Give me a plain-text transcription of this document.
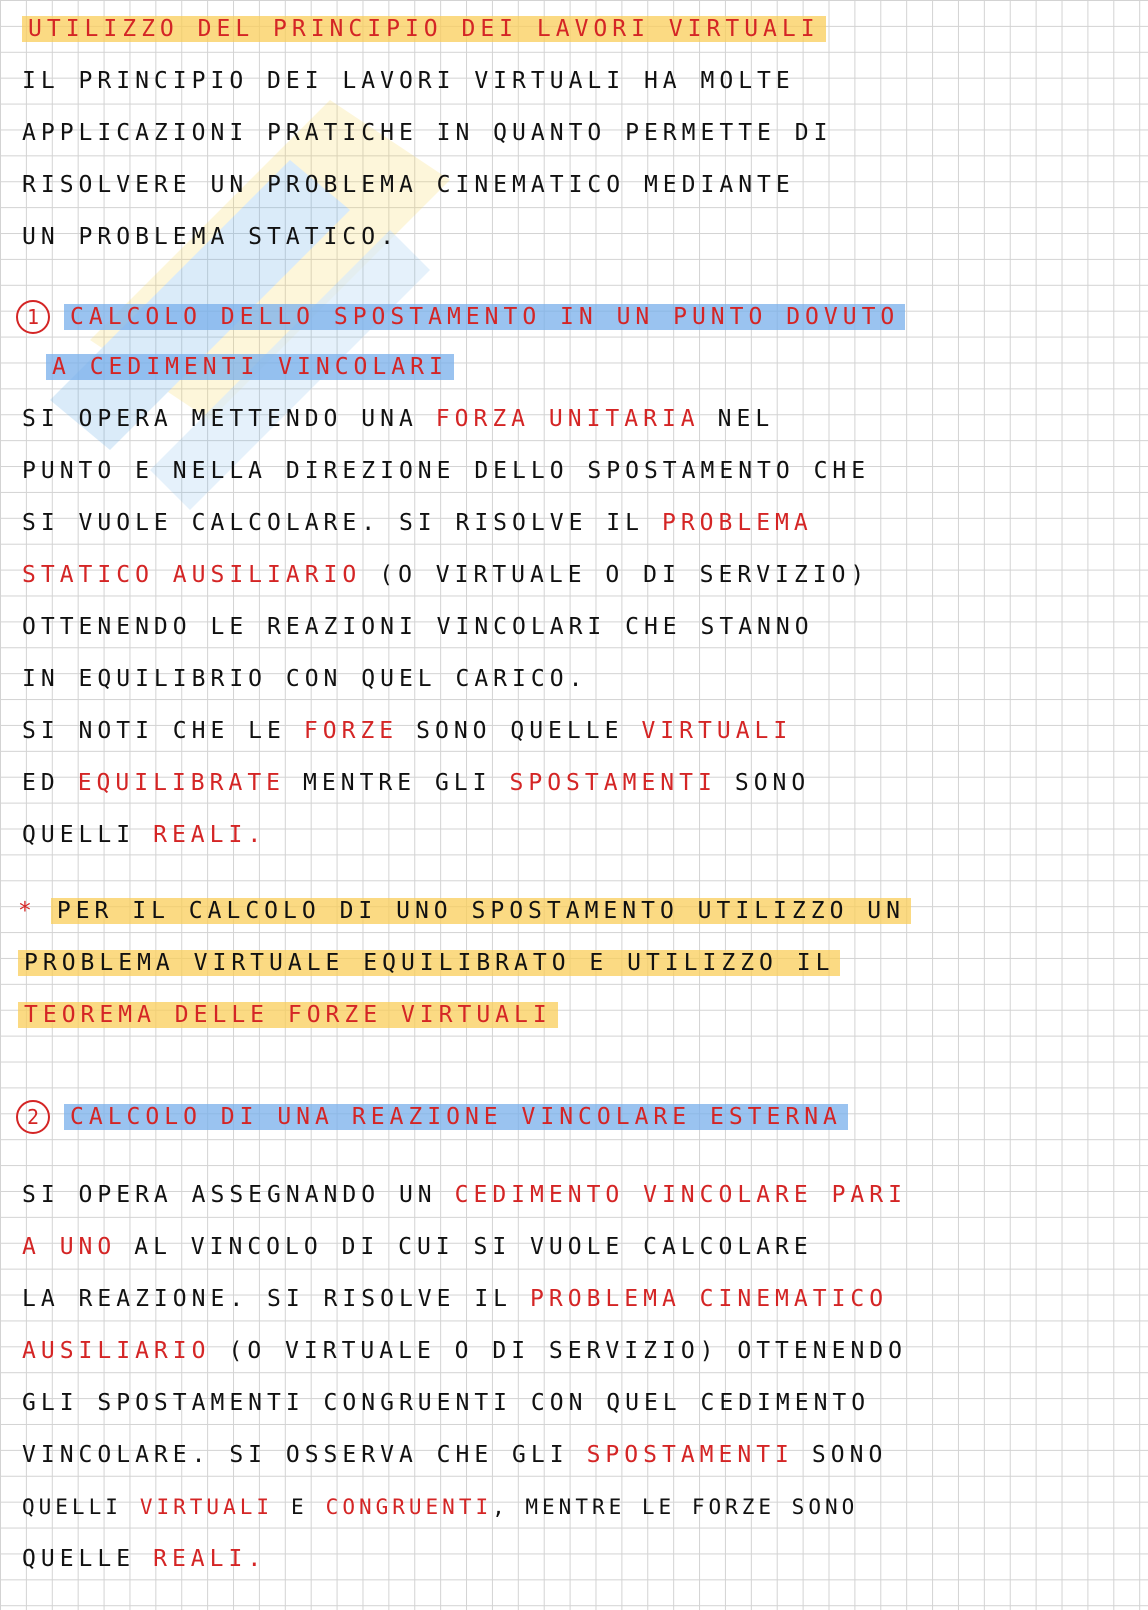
UTILIZZO DEL PRINCIPIO DEI LAVORI VIRTUALI
IL PRINCIPIO DEI LAVORI VIRTUALI HA MOLTE
APPLICAZIONI PRATICHE IN QUANTO PERMETTE DI
RISOLVERE UN PROBLEMA CINEMATICO MEDIANTE
UN PROBLEMA STATICO.
1 CALCOLO DELLO SPOSTAMENTO IN UN PUNTO DOVUTO
A CEDIMENTI VINCOLARI
SI OPERA METTENDO UNA FORZA UNITARIA NEL
PUNTO E NELLA DIREZIONE DELLO SPOSTAMENTO CHE
SI VUOLE CALCOLARE. SI RISOLVE IL PROBLEMA
STATICO AUSILIARIO (O VIRTUALE O DI SERVIZIO)
OTTENENDO LE REAZIONI VINCOLARI CHE STANNO
IN EQUILIBRIO CON QUEL CARICO.
SI NOTI CHE LE FORZE SONO QUELLE VIRTUALI
ED EQUILIBRATE MENTRE GLI SPOSTAMENTI SONO
QUELLI REALI.
* PER IL CALCOLO DI UNO SPOSTAMENTO UTILIZZO UN
PROBLEMA VIRTUALE EQUILIBRATO E UTILIZZO IL
TEOREMA DELLE FORZE VIRTUALI
2 CALCOLO DI UNA REAZIONE VINCOLARE ESTERNA
SI OPERA ASSEGNANDO UN CEDIMENTO VINCOLARE PARI
A UNO AL VINCOLO DI CUI SI VUOLE CALCOLARE
LA REAZIONE. SI RISOLVE IL PROBLEMA CINEMATICO
AUSILIARIO (O VIRTUALE O DI SERVIZIO) OTTENENDO
GLI SPOSTAMENTI CONGRUENTI CON QUEL CEDIMENTO
VINCOLARE. SI OSSERVA CHE GLI SPOSTAMENTI SONO
QUELLI VIRTUALI E CONGRUENTI, MENTRE LE FORZE SONO
QUELLE REALI.
